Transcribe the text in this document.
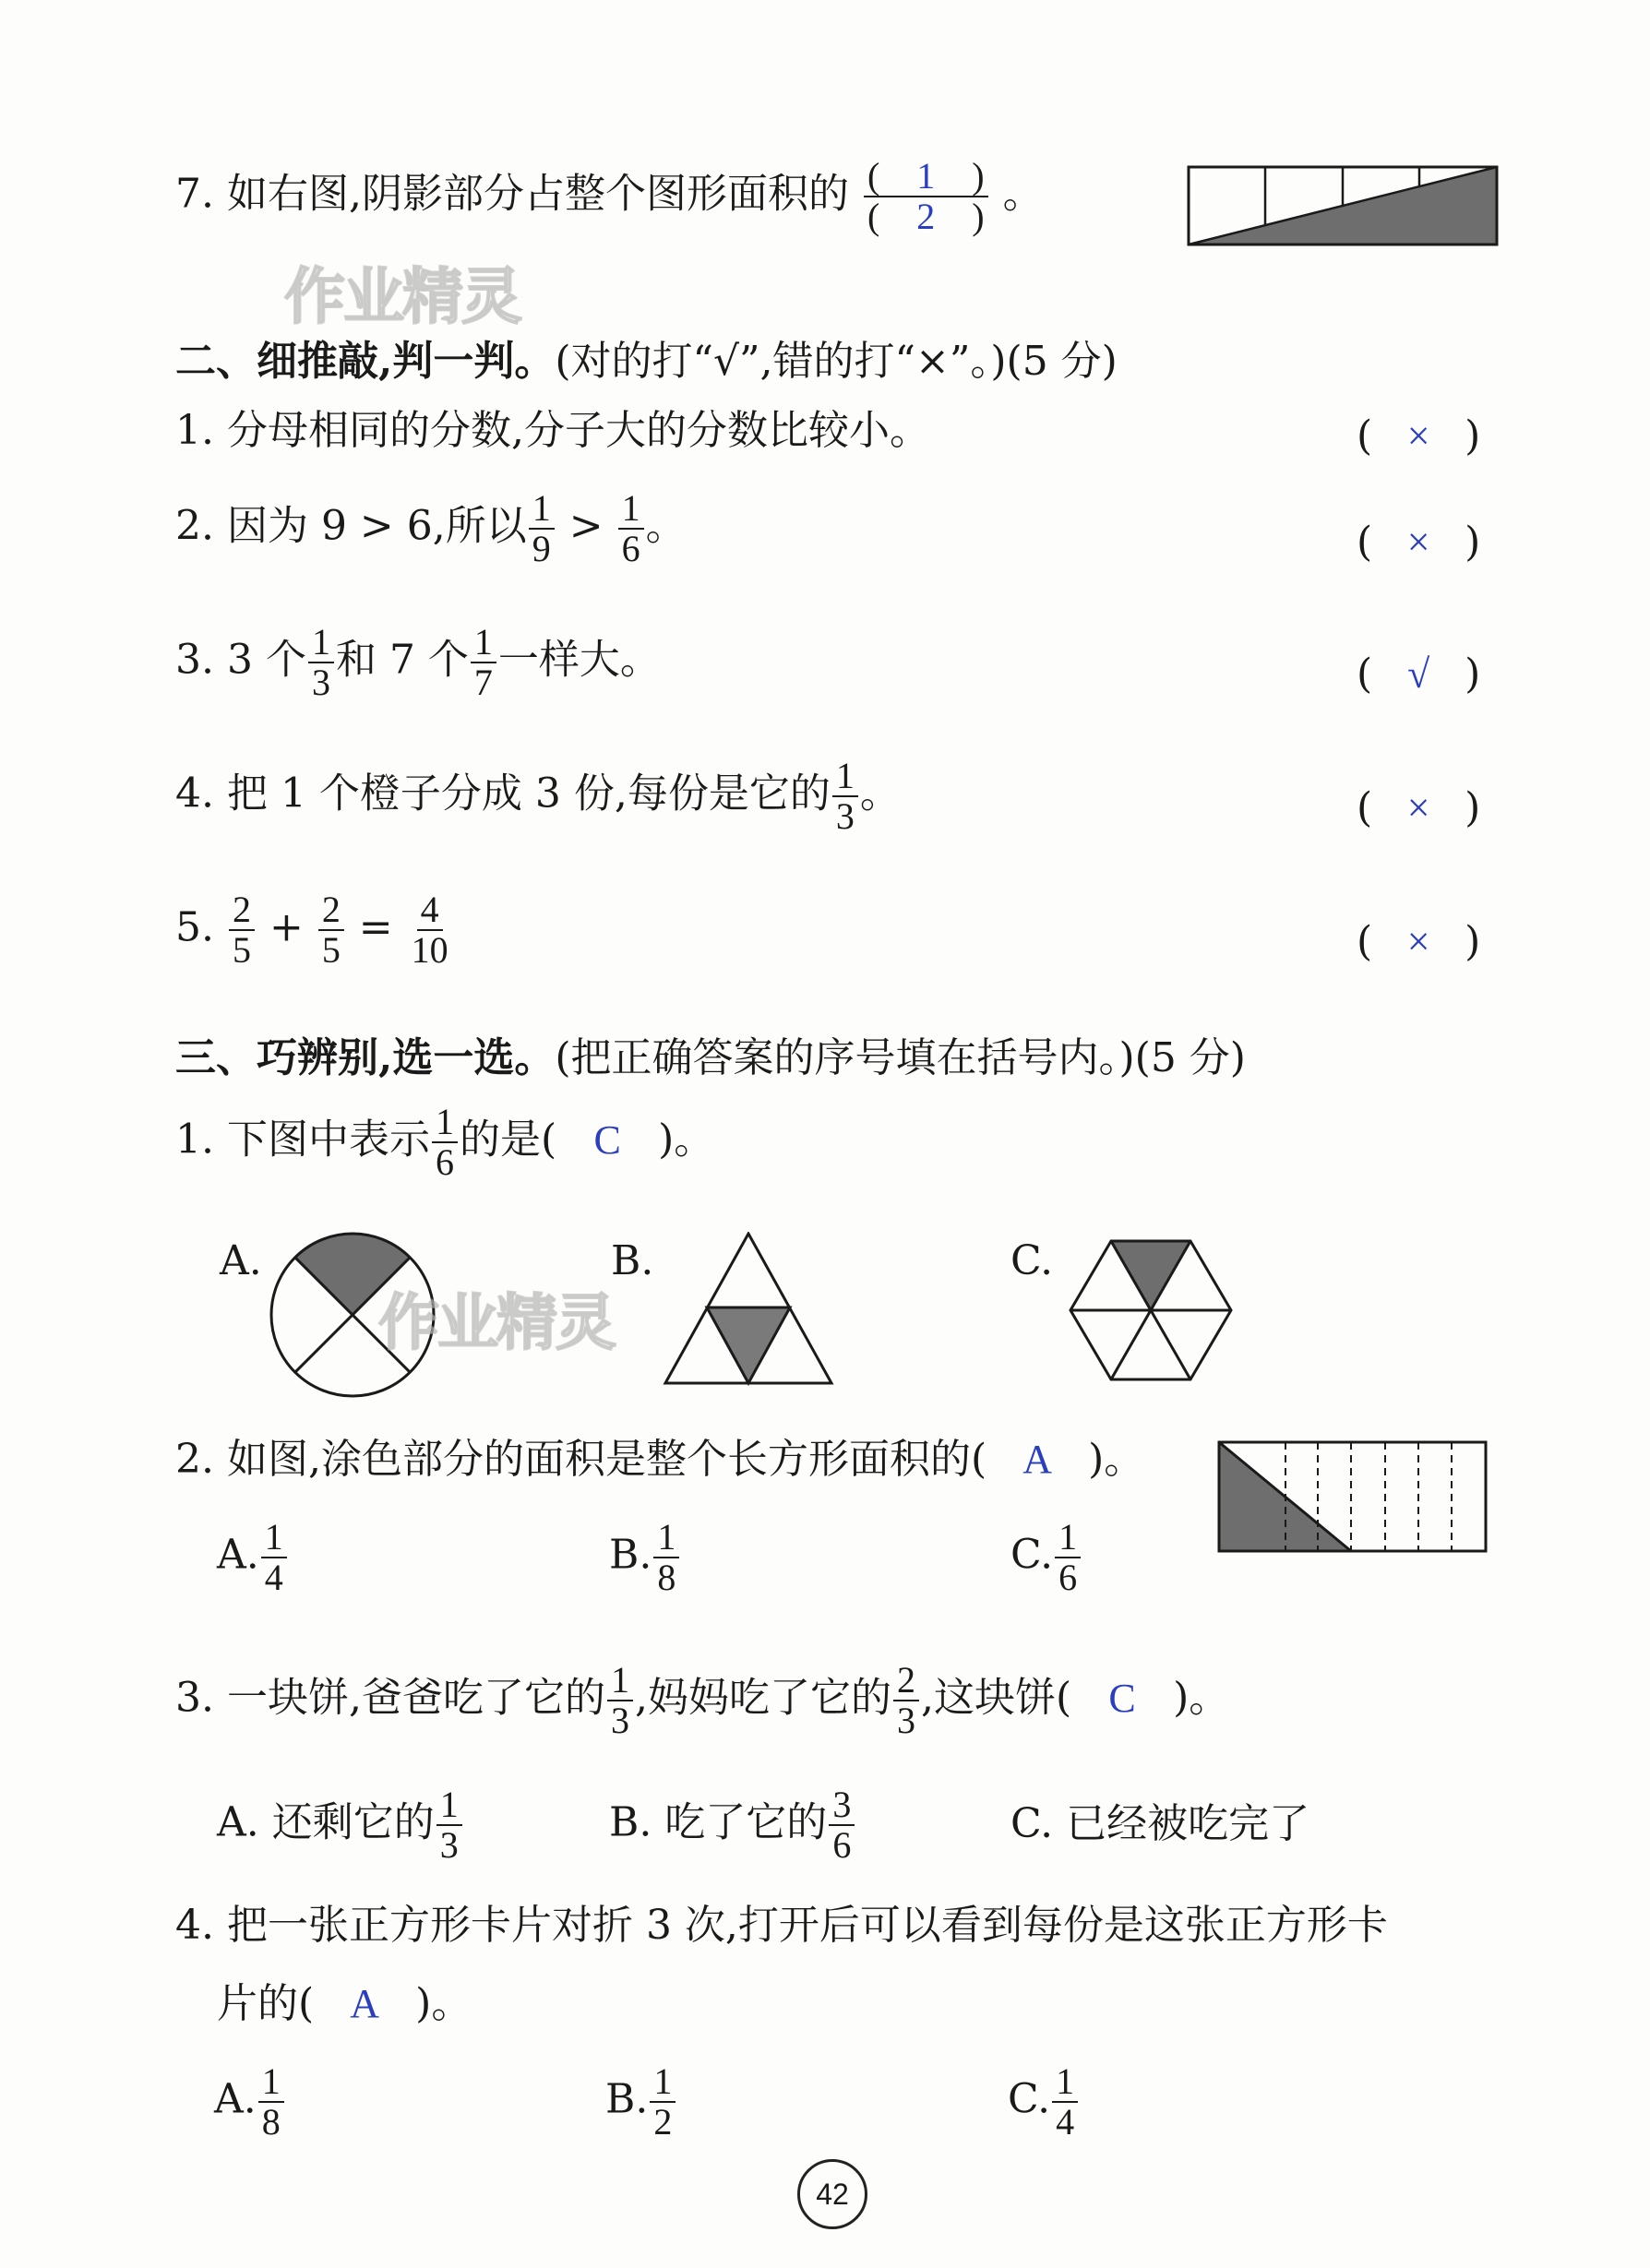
7. 如右图,阴影部分占整个图形面积的 $\frac{( 1 )}{( 2 )}$ 。
作业精灵
二、细推敲,判一判。(对的打“√”,错的打“×”。)(5 分)
1. 分母相同的分数,分子大的分数比较小。	( × )
2. 因为 9 > 6,所以 $\frac{1}{9} > \frac{1}{6}$ 。	( × )
3. 3 个 $\frac{1}{3}$ 和 7 个 $\frac{1}{7}$ 一样大。	( √ )
4. 把 1 个橙子分成 3 份,每份是它的 $\frac{1}{3}$ 。	( × )
5. $\frac{2}{5} + \frac{2}{5} = \frac{4}{10}$	( × )
三、巧辨别,选一选。(把正确答案的序号填在括号内。)(5 分)
1. 下图中表示 $\frac{1}{6}$ 的是( C )。
A.	B.	C.
作业精灵
2. 如图,涂色部分的面积是整个长方形面积的( A )。
A. $\frac{1}{4}$	B. $\frac{1}{8}$	C. $\frac{1}{6}$
3. 一块饼,爸爸吃了它的 $\frac{1}{3}$ ,妈妈吃了它的 $\frac{2}{3}$ ,这块饼( C )。
A. 还剩它的 $\frac{1}{3}$	B. 吃了它的 $\frac{3}{6}$	C. 已经被吃完了
4. 把一张正方形卡片对折 3 次,打开后可以看到每份是这张正方形卡
片的( A )。
A. $\frac{1}{8}$	B. $\frac{1}{2}$	C. $\frac{1}{4}$
42
